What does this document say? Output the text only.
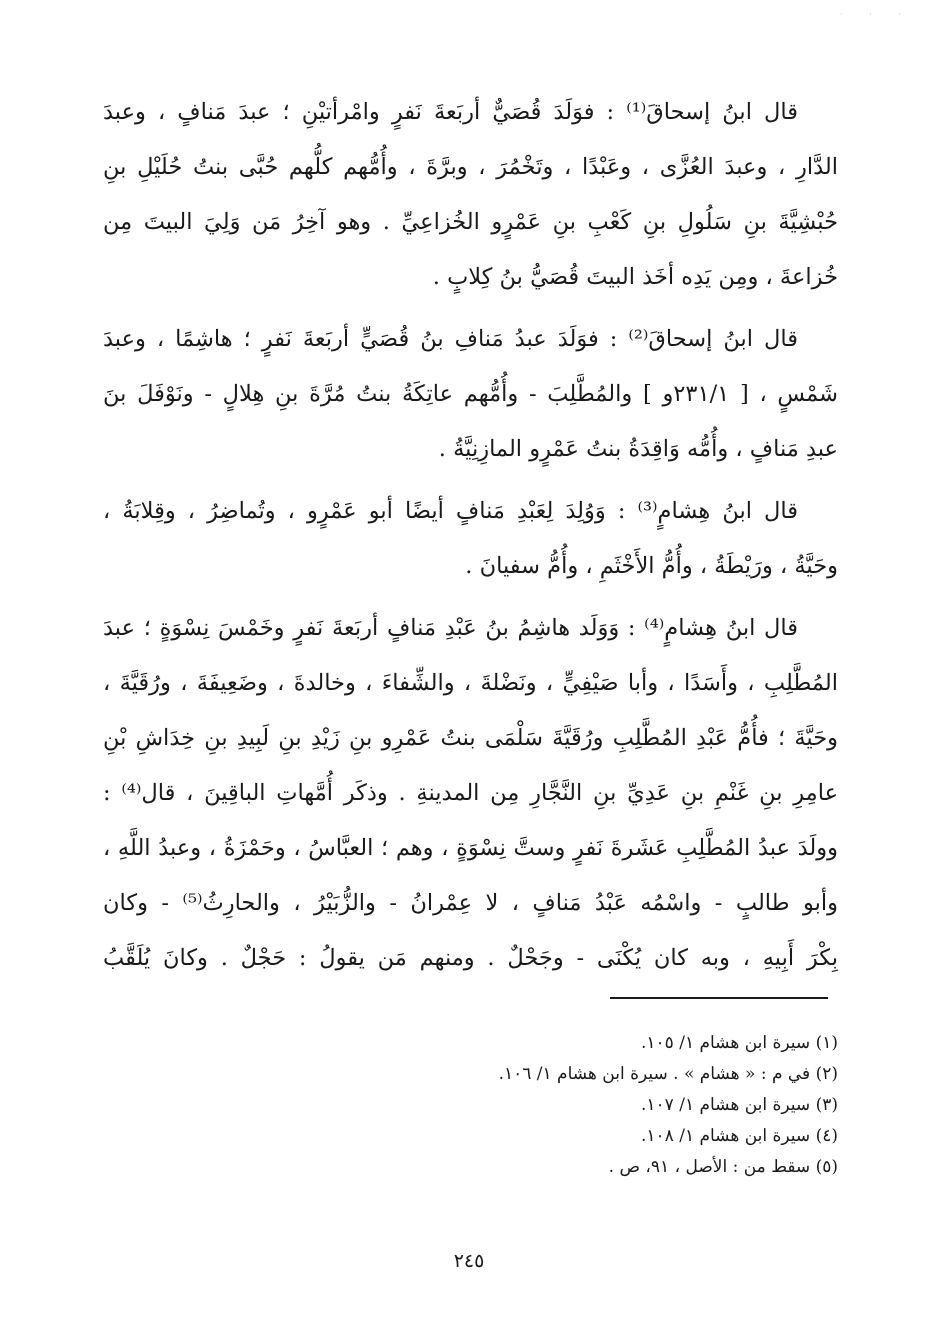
· · ·
قال ابنُ إسحاقَ⁽¹⁾ : فوَلَدَ قُصَيٌّ أربَعةَ نَفرٍ وامْرأتيْنِ ؛ عبدَ مَنافٍ ، وعبدَ
الدَّارِ ، وعبدَ العُزَّى ، وعَبْدًا ، وتَخْمُرَ ، وبرَّةَ ، وأُمُّهم كلُّهم حُبَّى بنتُ حُلَيْلِ بنِ
حُبْشِيَّةَ بنِ سَلُولِ بنِ كَعْبِ بنِ عَمْرٍو الخُزاعِيِّ . وهو آخِرُ مَن وَلِيَ البيتَ مِن
خُزاعةَ ، ومِن يَدِه أخَذ البيتَ قُصَيُّ بنُ كِلابٍ .
قال ابنُ إسحاقَ⁽²⁾ : فوَلَدَ عبدُ مَنافِ بنُ قُصَيٍّ أربَعةَ نَفرٍ ؛ هاشِمًا ، وعبدَ
شَمْسٍ ، [ ٢٣١/١و ] والمُطَّلِبَ - وأُمُّهم عاتِكَةُ بنتُ مُرَّةَ بنِ هِلالٍ - ونَوْفَلَ بنَ
عبدِ مَنافٍ ، وأُمُّه وَاقِدَةُ بنتُ عَمْرٍو المازِنِيَّةُ .
قال ابنُ هِشامٍ⁽³⁾ : وَوُلِدَ لِعَبْدِ مَنافٍ أيضًا أبو عَمْرٍو ، وتُماضِرُ ، وقِلابَةُ ،
وحَيَّةُ ، ورَيْطَةُ ، وأُمُّ الأَخْثَمِ ، وأُمُّ سفيانَ .
قال ابنُ هِشامٍ⁽⁴⁾ : وَوَلَد هاشِمُ بنُ عَبْدِ مَنافٍ أربَعةَ نَفرٍ وخَمْسَ نِسْوَةٍ ؛ عبدَ
المُطَّلِبِ ، وأَسَدًا ، وأبا صَيْفِيٍّ ، ونَضْلةَ ، والشِّفاءَ ، وخالدةَ ، وضَعِيفَةَ ، ورُقَيَّةَ ،
وحَيَّةَ ؛ فأُمُّ عَبْدِ المُطَّلِبِ ورُقَيَّةَ سَلْمَى بنتُ عَمْرِو بنِ زَيْدِ بنِ لَبِيدِ بنِ خِدَاشِ بْنِ
عامِرِ بنِ غَنْمِ بنِ عَدِيِّ بنِ النَّجَّارِ مِن المدينةِ . وذكَر أُمَّهاتِ الباقِينَ ، قال⁽⁴⁾ :
وولَدَ عبدُ المُطَّلِبِ عَشَرةَ نَفرٍ وستَّ نِسْوَةٍ ، وهم ؛ العبَّاسُ ، وحَمْزَةُ ، وعبدُ اللَّهِ ،
وأبو طالبٍ - واسْمُه عَبْدُ مَنافٍ ، لا عِمْرانُ - والزُّبَيْرُ ، والحارِثُ⁽⁵⁾ - وكان
بِكْرَ أَبِيهِ ، وبه كان يُكْنَى - وجَحْلٌ . ومنهم مَن يقولُ : حَجْلٌ . وكانَ يُلَقَّبُ
(١) سيرة ابن هشام ١/ ١٠٥.
(٢) في م : « هشام » . سيرة ابن هشام ١/ ١٠٦.
(٣) سيرة ابن هشام ١/ ١٠٧.
(٤) سيرة ابن هشام ١/ ١٠٨.
(٥) سقط من : الأصل ، ٩١، ص .
٢٤٥
